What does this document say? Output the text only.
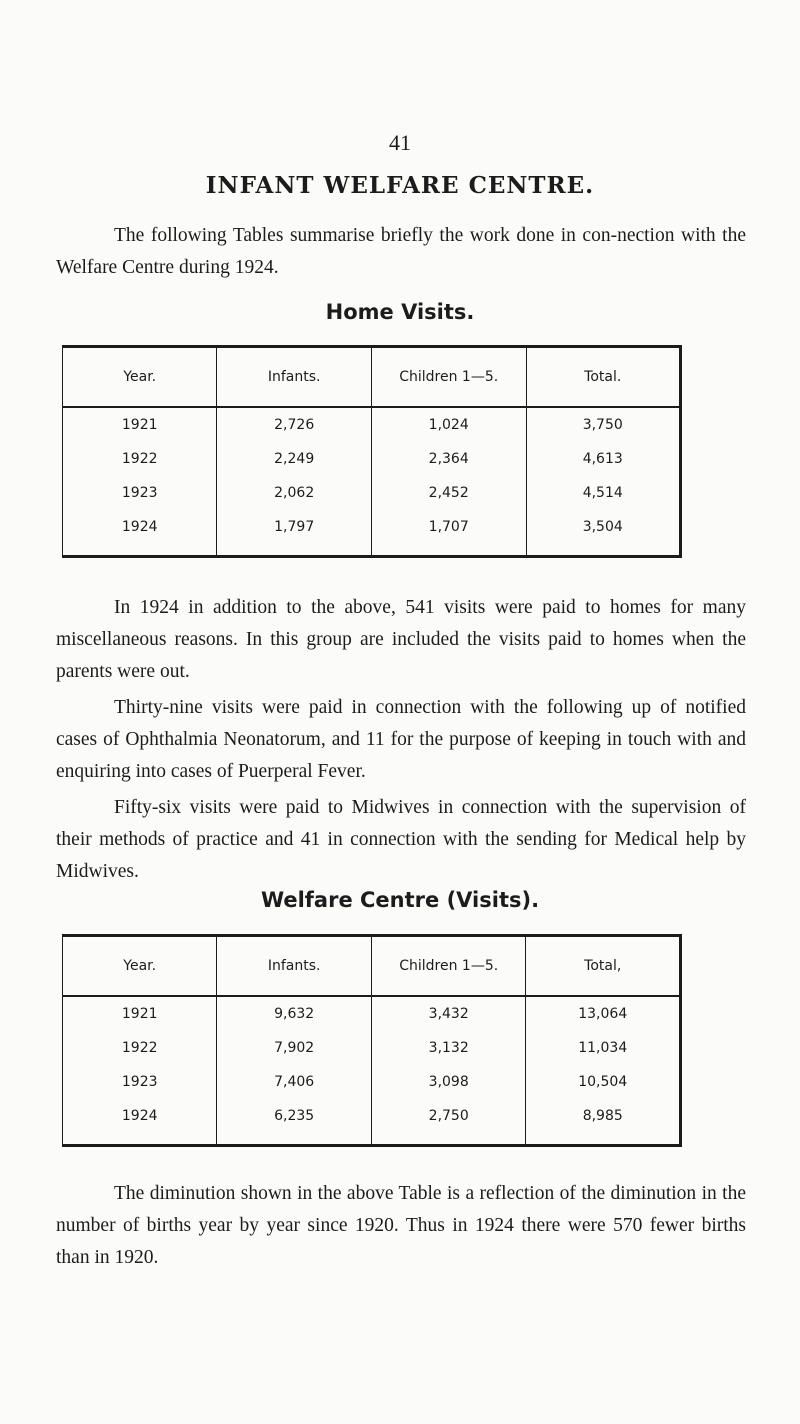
41
INFANT WELFARE CENTRE.

The following Tables summarise briefly the work done in con-nection with the Welfare Centre during 1924.

Home Visits.
Year.	Infants.	Children 1—5.	Total.
1921	2,726	1,024	3,750
1922	2,249	2,364	4,613
1923	2,062	2,452	4,514
1924	1,797	1,707	3,504

In 1924 in addition to the above, 541 visits were paid to homes for many miscellaneous reasons. In this group are included the visits paid to homes when the parents were out.

Thirty-nine visits were paid in connection with the following up of notified cases of Ophthalmia Neonatorum, and 11 for the purpose of keeping in touch with and enquiring into cases of Puerperal Fever.

Fifty-six visits were paid to Midwives in connection with the supervision of their methods of practice and 41 in connection with the sending for Medical help by Midwives.

Welfare Centre (Visits).
Year.	Infants.	Children 1—5.	Total,
1921	9,632	3,432	13,064
1922	7,902	3,132	11,034
1923	7,406	3,098	10,504
1924	6,235	2,750	8,985

The diminution shown in the above Table is a reflection of the diminution in the number of births year by year since 1920. Thus in 1924 there were 570 fewer births than in 1920.
